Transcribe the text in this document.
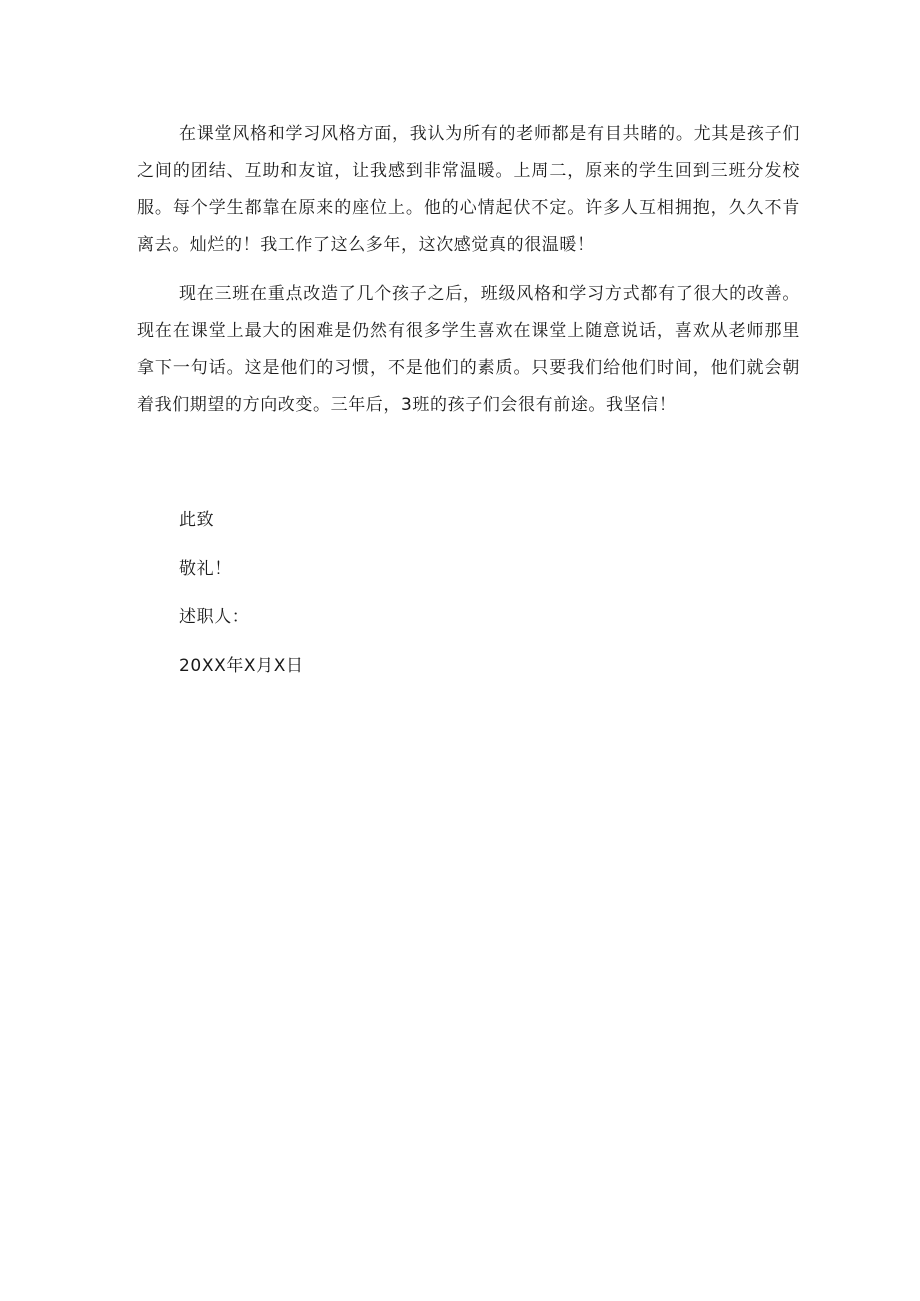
在课堂风格和学习风格方面，我认为所有的老师都是有目共睹的。尤其是孩子们之间的团结、互助和友谊，让我感到非常温暖。上周二，原来的学生回到三班分发校服。每个学生都靠在原来的座位上。他的心情起伏不定。许多人互相拥抱，久久不肯离去。灿烂的！我工作了这么多年，这次感觉真的很温暖！

现在三班在重点改造了几个孩子之后，班级风格和学习方式都有了很大的改善。现在在课堂上最大的困难是仍然有很多学生喜欢在课堂上随意说话，喜欢从老师那里拿下一句话。这是他们的习惯，不是他们的素质。只要我们给他们时间，他们就会朝着我们期望的方向改变。三年后，3班的孩子们会很有前途。我坚信！

此致

敬礼！

述职人：

20XX年X月X日
